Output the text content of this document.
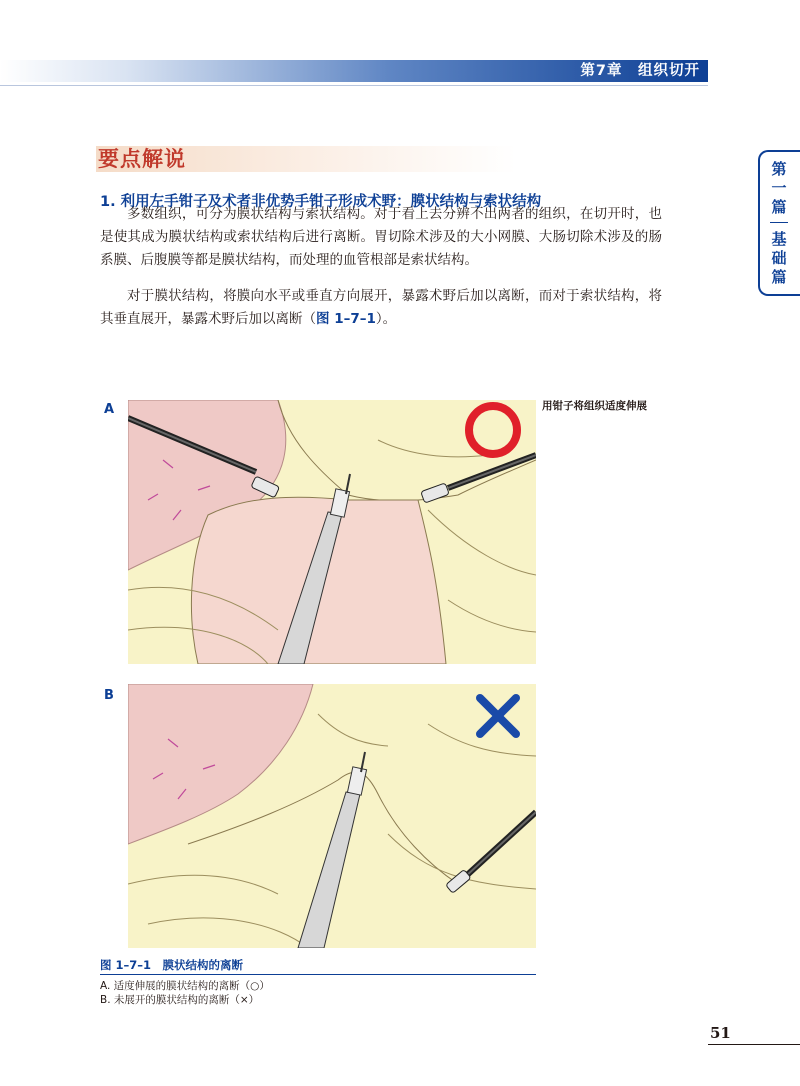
第7章　组织切开
第一篇
基础篇
要点解说
1. 利用左手钳子及术者非优势手钳子形成术野：膜状结构与索状结构

多数组织，可分为膜状结构与索状结构。对于看上去分辨不出两者的组织，在切开时，也是使其成为膜状结构或索状结构后进行离断。胃切除术涉及的大小网膜、大肠切除术涉及的肠系膜、后腹膜等都是膜状结构，而处理的血管根部是索状结构。

对于膜状结构，将膜向水平或垂直方向展开，暴露术野后加以离断，而对于索状结构，将其垂直展开，暴露术野后加以离断（图 1–7–1）。

A	用钳子将组织适度伸展
B
图 1–7–1　膜状结构的离断
A. 适度伸展的膜状结构的离断（○）
B. 未展开的膜状结构的离断（×）
51
